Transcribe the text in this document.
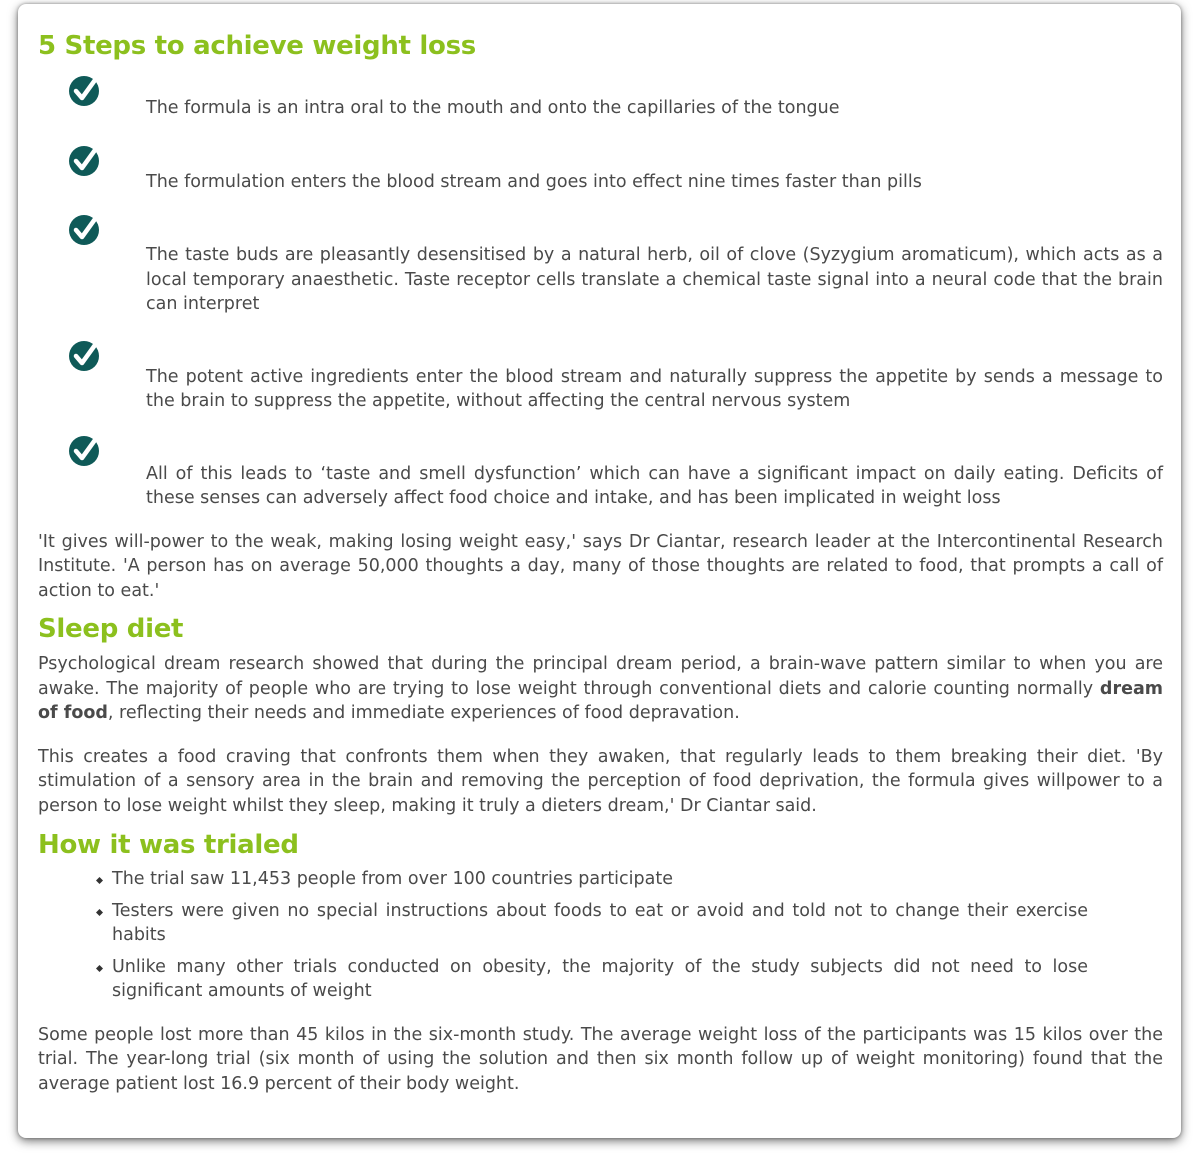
5 Steps to achieve weight loss
The formula is an intra oral to the mouth and onto the capillaries of the tongue
The formulation enters the blood stream and goes into effect nine times faster than pills
The taste buds are pleasantly desensitised by a natural herb, oil of clove (Syzygium aromaticum), which acts as a local temporary anaesthetic. Taste receptor cells translate a chemical taste signal into a neural code that the brain can interpret
The potent active ingredients enter the blood stream and naturally suppress the appetite by sends a message to the brain to suppress the appetite, without affecting the central nervous system
All of this leads to ‘taste and smell dysfunction’ which can have a significant impact on daily eating. Deficits of these senses can adversely affect food choice and intake, and has been implicated in weight loss

'It gives will-power to the weak, making losing weight easy,' says Dr Ciantar, research leader at the Intercontinental Research Institute. 'A person has on average 50,000 thoughts a day, many of those thoughts are related to food, that prompts a call of action to eat.'

Sleep diet

Psychological dream research showed that during the principal dream period, a brain-wave pattern similar to when you are awake. The majority of people who are trying to lose weight through conventional diets and calorie counting normally dream of food, reflecting their needs and immediate experiences of food depravation.

This creates a food craving that confronts them when they awaken, that regularly leads to them breaking their diet. 'By stimulation of a sensory area in the brain and removing the perception of food deprivation, the formula gives willpower to a person to lose weight whilst they sleep, making it truly a dieters dream,' Dr Ciantar said.

How it was trialed
The trial saw 11,453 people from over 100 countries participate
Testers were given no special instructions about foods to eat or avoid and told not to change their exercise habits
Unlike many other trials conducted on obesity, the majority of the study subjects did not need to lose significant amounts of weight

Some people lost more than 45 kilos in the six-month study. The average weight loss of the participants was 15 kilos over the trial. The year-long trial (six month of using the solution and then six month follow up of weight monitoring) found that the average patient lost 16.9 percent of their body weight.
